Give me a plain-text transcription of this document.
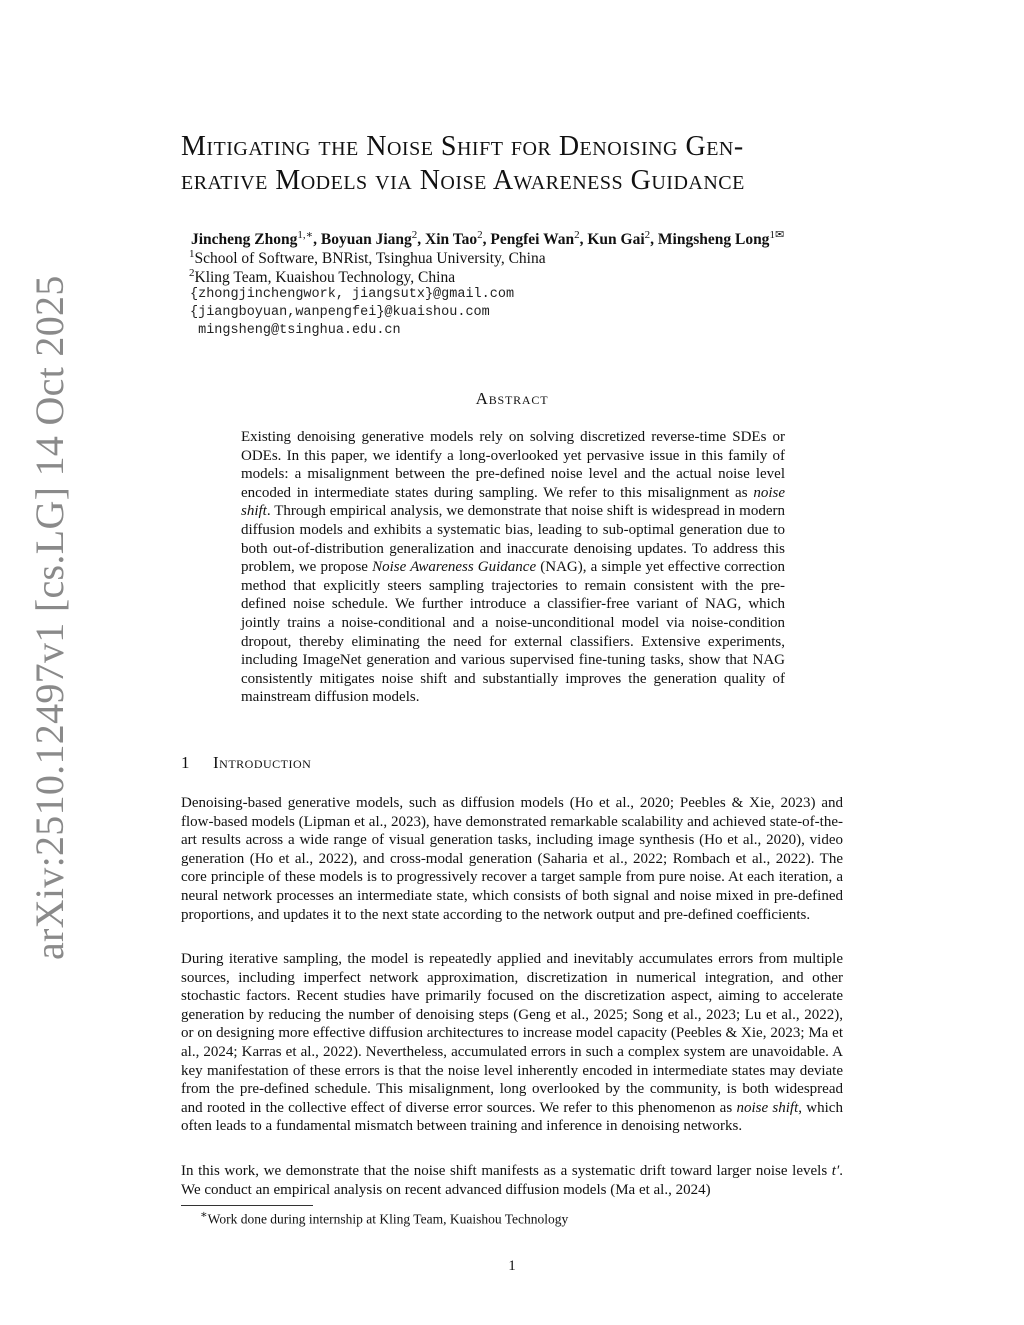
arXiv:2510.12497v1 [cs.LG] 14 Oct 2025
Mitigating the Noise Shift for Denoising Gen-
erative Models via Noise Awareness Guidance
Jincheng Zhong$^{1,∗}$, Boyuan Jiang$^2$, Xin Tao$^2$, Pengfei Wan$^2$, Kun Gai$^2$, Mingsheng Long$^{1✉}$
$^1$School of Software, BNRist, Tsinghua University, China
$^2$Kling Team, Kuaishou Technology, China
{zhongjinchengwork, jiangsutx}@gmail.com
{jiangboyuan,wanpengfei}@kuaishou.com
mingsheng@tsinghua.edu.cn
Abstract
Existing denoising generative models rely on solving discretized reverse-time SDEs or ODEs. In this paper, we identify a long-overlooked yet pervasive issue in this family of models: a misalignment between the pre-defined noise level and the actual noise level encoded in intermediate states during sampling. We refer to this misalignment as noise shift. Through empirical analysis, we demonstrate that noise shift is widespread in modern diffusion models and exhibits a systematic bias, leading to sub-optimal generation due to both out-of-distribution generalization and inaccurate denoising updates. To address this problem, we propose Noise Awareness Guidance (NAG), a simple yet effective correction method that explicitly steers sampling trajectories to remain consistent with the pre-defined noise schedule. We further introduce a classifier-free variant of NAG, which jointly trains a noise-conditional and a noise-unconditional model via noise-condition dropout, thereby eliminating the need for external classifiers. Extensive experiments, including ImageNet generation and various supervised fine-tuning tasks, show that NAG consistently mitigates noise shift and substantially improves the generation quality of mainstream diffusion models.
1 Introduction
Denoising-based generative models, such as diffusion models (Ho et al., 2020; Peebles & Xie, 2023) and flow-based models (Lipman et al., 2023), have demonstrated remarkable scalability and achieved state-of-the-art results across a wide range of visual generation tasks, including image synthesis (Ho et al., 2020), video generation (Ho et al., 2022), and cross-modal generation (Saharia et al., 2022; Rombach et al., 2022). The core principle of these models is to progressively recover a target sample from pure noise. At each iteration, a neural network processes an intermediate state, which consists of both signal and noise mixed in pre-defined proportions, and updates it to the next state according to the network output and pre-defined coefficients.
During iterative sampling, the model is repeatedly applied and inevitably accumulates errors from multiple sources, including imperfect network approximation, discretization in numerical integration, and other stochastic factors. Recent studies have primarily focused on the discretization aspect, aiming to accelerate generation by reducing the number of denoising steps (Geng et al., 2025; Song et al., 2023; Lu et al., 2022), or on designing more effective diffusion architectures to increase model capacity (Peebles & Xie, 2023; Ma et al., 2024; Karras et al., 2022). Nevertheless, accumulated errors in such a complex system are unavoidable. A key manifestation of these errors is that the noise level inherently encoded in intermediate states may deviate from the pre-defined schedule. This misalignment, long overlooked by the community, is both widespread and rooted in the collective effect of diverse error sources. We refer to this phenomenon as noise shift, which often leads to a fundamental mismatch between training and inference in denoising networks.
In this work, we demonstrate that the noise shift manifests as a systematic drift toward larger noise levels t′. We conduct an empirical analysis on recent advanced diffusion models (Ma et al., 2024)
∗Work done during internship at Kling Team, Kuaishou Technology
1
